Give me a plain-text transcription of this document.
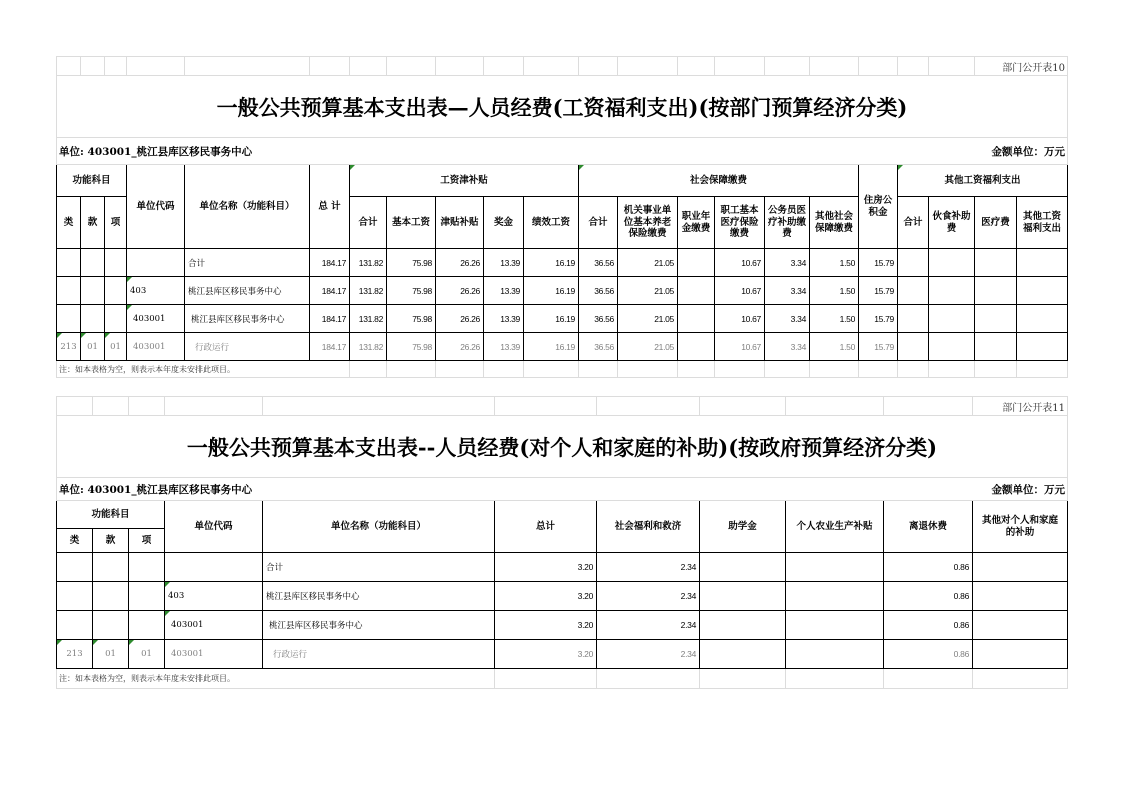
																				部门公开表10	
一般公共预算基本支出表—人员经费(工资福利支出)(按部门预算经济分类)																					
单位: 403001_桃江县库区移民事务中心											金额单位：万元										
功能科目			单位代码	单位名称（功能科目）	总 计	工资津补贴					社会保障缴费						住房公积金	其他工资福利支出			
类	款	项				合计	基本工资	津贴补贴	奖金	绩效工资	合计	机关事业单位基本养老保险缴费	职业年金缴费	职工基本医疗保险缴费	公务员医疗补助缴费	其他社会保障缴费		合计	伙食补助费	医疗费	其他工资福利支出
				合计	184.17	131.82	75.98	26.26	13.39	16.19	36.56	21.05		10.67	3.34	1.50	15.79				
			403	桃江县库区移民事务中心	184.17	131.82	75.98	26.26	13.39	16.19	36.56	21.05		10.67	3.34	1.50	15.79				
			403001	桃江县库区移民事务中心	184.17	131.82	75.98	26.26	13.39	16.19	36.56	21.05		10.67	3.34	1.50	15.79				
213	01	01	403001	行政运行	184.17	131.82	75.98	26.26	13.39	16.19	36.56	21.05		10.67	3.34	1.50	15.79				
注：如本表格为空，则表示本年度未安排此项目。																					
										部门公开表11
一般公共预算基本支出表--人员经费(对个人和家庭的补助)(按政府预算经济分类)										
单位: 403001_桃江县库区移民事务中心						金额单位：万元				
功能科目			单位代码	单位名称（功能科目）	总计	社会福利和救济	助学金	个人农业生产补贴	离退休费	其他对个人和家庭的补助
类	款	项								
				合计	3.20	2.34			0.86	
			403	桃江县库区移民事务中心	3.20	2.34			0.86	
			403001	桃江县库区移民事务中心	3.20	2.34			0.86	
213	01	01	403001	行政运行	3.20	2.34			0.86	
注：如本表格为空，则表示本年度未安排此项目。										
